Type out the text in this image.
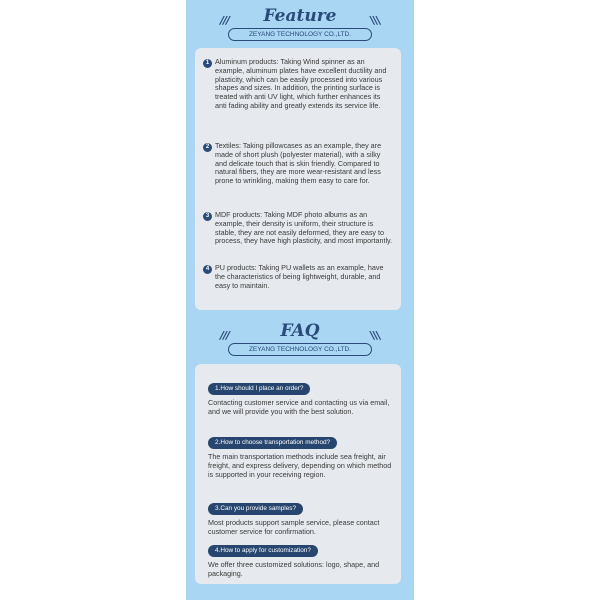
///	Feature	///
ZEYANG TECHNOLOGY CO.,LTD.
1 Aluminum products: Taking Wind spinner as an example, aluminum plates have excellent ductility and plasticity, which can be easily processed into various shapes and sizes. In addition, the printing surface is treated with anti UV light, which further enhances its anti fading ability and greatly extends its service life.
2 Textiles: Taking pillowcases as an example, they are made of short plush (polyester material), with a silky and delicate touch that is skin friendly. Compared to natural fibers, they are more wear-resistant and less prone to wrinkling, making them easy to care for.
3 MDF products: Taking MDF photo albums as an example, their density is uniform, their structure is stable, they are not easily deformed, they are easy to process, they have high plasticity, and most importantly.
4 PU products: Taking PU wallets as an example, have the characteristics of being lightweight, durable, and easy to maintain.
///	FAQ	///
ZEYANG TECHNOLOGY CO.,LTD.
1.How should I place an order?
Contacting customer service and contacting us via email, and we will provide you with the best solution.
2.How to choose transportation method?
The main transportation methods include sea freight, air freight, and express delivery, depending on which method is supported in your receiving region.
3.Can you provide samples?
Most products support sample service, please contact customer service for confirmation.
4.How to apply for customization?
We offer three customized solutions: logo, shape, and packaging.
